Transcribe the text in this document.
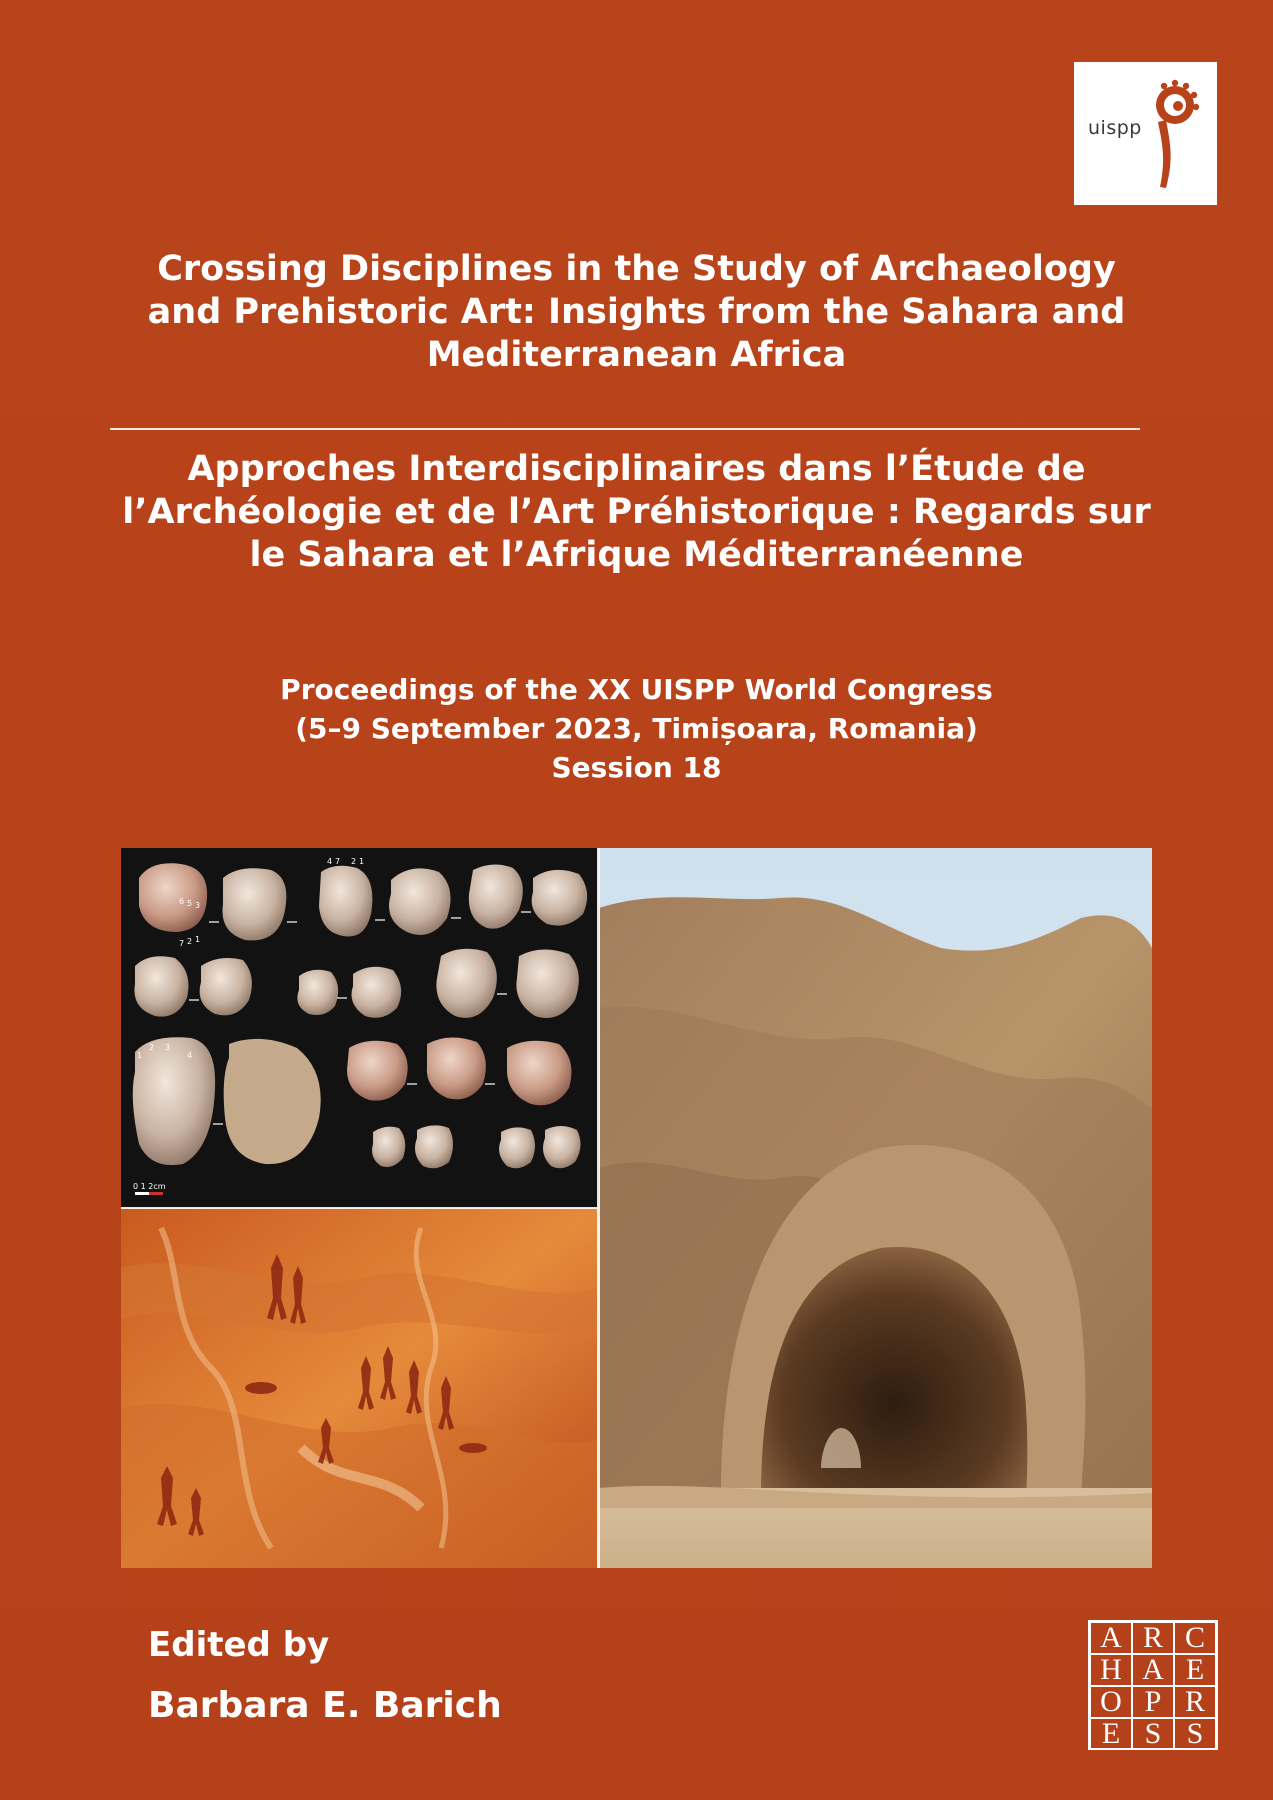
uispp
Crossing Disciplines in the Study of Archaeology
and Prehistoric Art: Insights from the Sahara and
Mediterranean Africa
Approches Interdisciplinaires dans l’Étude de
l’Archéologie et de l’Art Préhistorique : Regards sur
le Sahara et l’Afrique Méditerranéenne
Proceedings of the XX UISPP World Congress
(5–9 September 2023, Timișoara, Romania)
Session 18
0 1 2cm
6 5 3
7 2 1
4 7 2 1
1
2 3
4
Edited by
Barbara E. Barich
A R C
H A E
O P R
E S S
